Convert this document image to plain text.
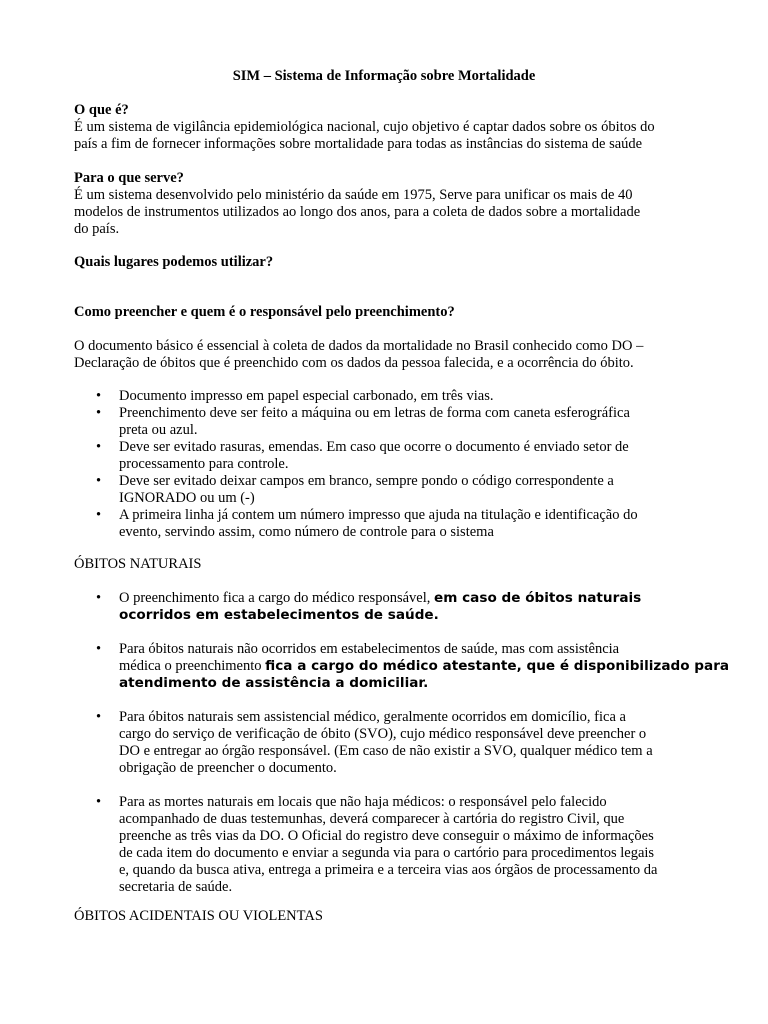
SIM – Sistema de Informação sobre Mortalidade
O que é?
É um sistema de vigilância epidemiológica nacional, cujo objetivo é captar dados sobre os óbitos do
país a fim de fornecer informações sobre mortalidade para todas as instâncias do sistema de saúde
Para o que serve?
É um sistema desenvolvido pelo ministério da saúde em 1975, Serve para unificar os mais de 40
modelos de instrumentos utilizados ao longo dos anos, para a coleta de dados sobre a mortalidade
do país.
Quais lugares podemos utilizar?
Como preencher e quem é o responsável pelo preenchimento?
O documento básico é essencial à coleta de dados da mortalidade no Brasil conhecido como DO –
Declaração de óbitos que é preenchido com os dados da pessoa falecida, e a ocorrência do óbito.
• Documento impresso em papel especial carbonado, em três vias.
• Preenchimento deve ser feito a máquina ou em letras de forma com caneta esferográfica
preta ou azul.
• Deve ser evitado rasuras, emendas. Em caso que ocorre o documento é enviado setor de
processamento para controle.
• Deve ser evitado deixar campos em branco, sempre pondo o código correspondente a
IGNORADO ou um (-)
• A primeira linha já contem um número impresso que ajuda na titulação e identificação do
evento, servindo assim, como número de controle para o sistema
ÓBITOS NATURAIS
• O preenchimento fica a cargo do médico responsável, em caso de óbitos naturais
ocorridos em estabelecimentos de saúde.
• Para óbitos naturais não ocorridos em estabelecimentos de saúde, mas com assistência
médica o preenchimento fica a cargo do médico atestante, que é disponibilizado para
atendimento de assistência a domiciliar.
• Para óbitos naturais sem assistencial médico, geralmente ocorridos em domicílio, fica a
cargo do serviço de verificação de óbito (SVO), cujo médico responsável deve preencher o
DO e entregar ao órgão responsável. (Em caso de não existir a SVO, qualquer médico tem a
obrigação de preencher o documento.
• Para as mortes naturais em locais que não haja médicos: o responsável pelo falecido
acompanhado de duas testemunhas, deverá comparecer à cartória do registro Civil, que
preenche as três vias da DO. O Oficial do registro deve conseguir o máximo de informações
de cada item do documento e enviar a segunda via para o cartório para procedimentos legais
e, quando da busca ativa, entrega a primeira e a terceira vias aos órgãos de processamento da
secretaria de saúde.
ÓBITOS ACIDENTAIS OU VIOLENTAS
